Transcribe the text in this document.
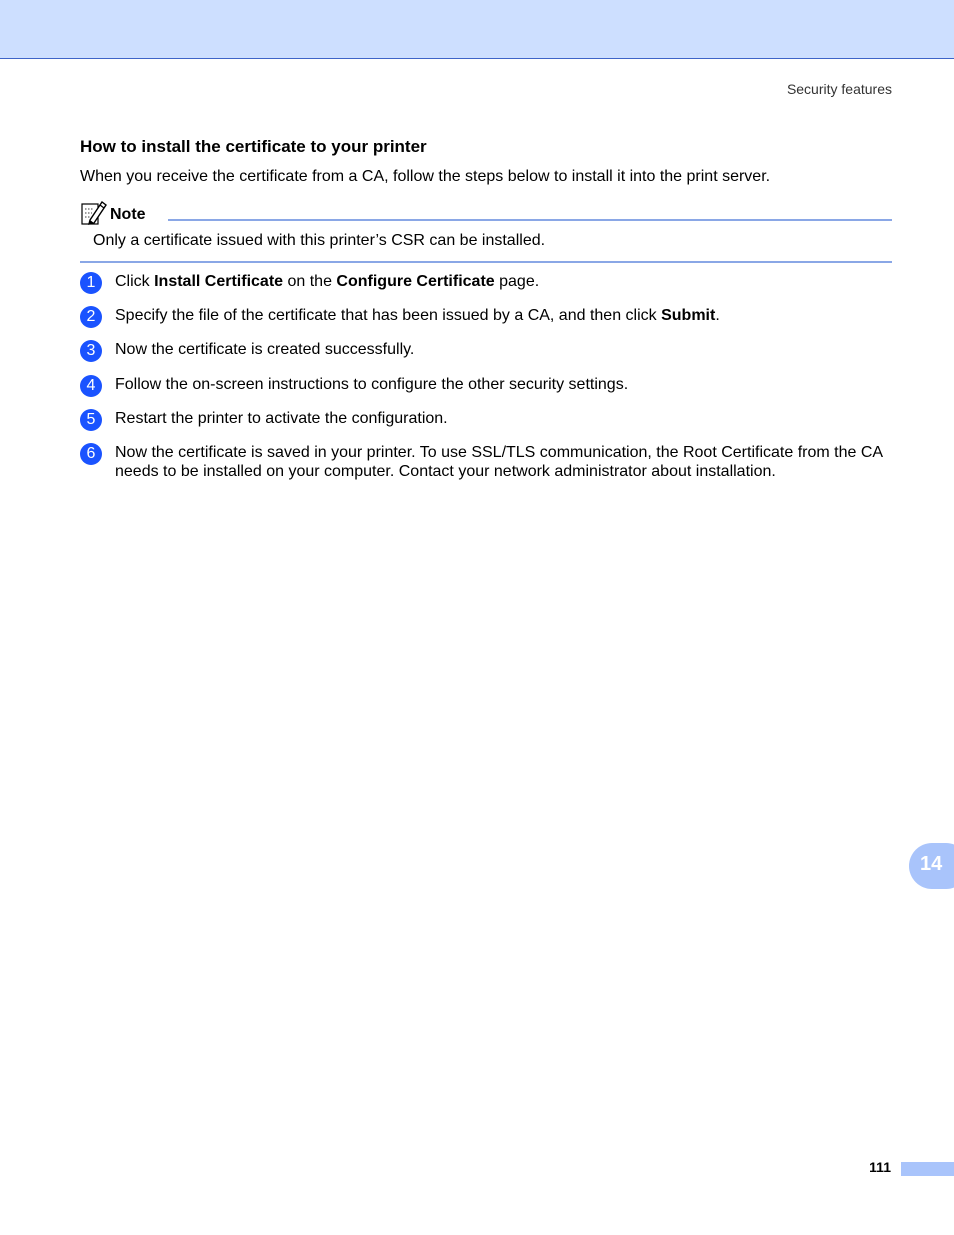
Security features
How to install the certificate to your printer

When you receive the certificate from a CA, follow the steps below to install it into the print server.

Note

Only a certificate issued with this printer’s CSR can be installed.

1	Click Install Certificate on the Configure Certificate page.
2	Specify the file of the certificate that has been issued by a CA, and then click Submit.
3	Now the certificate is created successfully.
4	Follow the on-screen instructions to configure the other security settings.
5	Restart the printer to activate the configuration.
6	Now the certificate is saved in your printer. To use SSL/TLS communication, the Root Certificate from the CA needs to be installed on your computer. Contact your network administrator about installation.
14
111
